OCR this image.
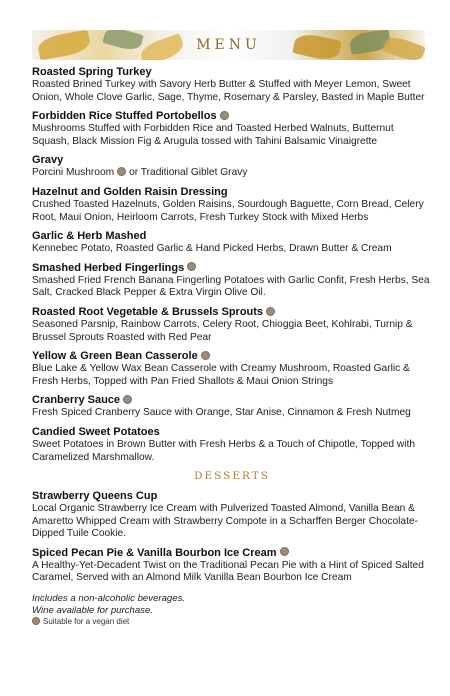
MENU
Roasted Spring Turkey
Roasted Brined Turkey with Savory Herb Butter & Stuffed with Meyer Lemon, Sweet Onion, Whole Clove Garlic, Sage, Thyme, Rosemary & Parsley, Basted in Maple Butter
Forbidden Rice Stuffed Portobellos
Mushrooms Stuffed with Forbidden Rice and Toasted Herbed Walnuts, Butternut Squash, Black Mission Fig & Arugula tossed with Tahini Balsamic Vinaigrette
Gravy
Porcini Mushroom or Traditional Giblet Gravy
Hazelnut and Golden Raisin Dressing
Crushed Toasted Hazelnuts, Golden Raisins, Sourdough Baguette, Corn Bread, Celery Root, Maui Onion, Heirloom Carrots, Fresh Turkey Stock with Mixed Herbs
Garlic & Herb Mashed
Kennebec Potato, Roasted Garlic & Hand Picked Herbs, Drawn Butter & Cream
Smashed Herbed Fingerlings
Smashed Fried French Banana Fingerling Potatoes with Garlic Confit, Fresh Herbs, Sea Salt, Cracked Black Pepper & Extra Virgin Olive Oil.
Roasted Root Vegetable & Brussels Sprouts
Seasoned Parsnip, Rainbow Carrots, Celery Root, Chioggia Beet, Kohlrabi, Turnip & Brussel Sprouts Roasted with Red Pear
Yellow & Green Bean Casserole
Blue Lake & Yellow Wax Bean Casserole with Creamy Mushroom, Roasted Garlic & Fresh Herbs, Topped with Pan Fried Shallots & Maui Onion Strings
Cranberry Sauce
Fresh Spiced Cranberry Sauce with Orange, Star Anise, Cinnamon & Fresh Nutmeg
Candied Sweet Potatoes
Sweet Potatoes in Brown Butter with Fresh Herbs & a Touch of Chipotle, Topped with Caramelized Marshmallow.
DESSERTS
Strawberry Queens Cup
Local Organic Strawberry Ice Cream with Pulverized Toasted Almond, Vanilla Bean & Amaretto Whipped Cream with Strawberry Compote in a Scharffen Berger Chocolate-Dipped Tuile Cookie.
Spiced Pecan Pie & Vanilla Bourbon Ice Cream
A Healthy-Yet-Decadent Twist on the Traditional Pecan Pie with a Hint of Spiced Salted Caramel, Served with an Almond Milk Vanilla Bean Bourbon Ice Cream
Includes a non-alcoholic beverages.
Wine available for purchase.
Suitable for a vegan diet
